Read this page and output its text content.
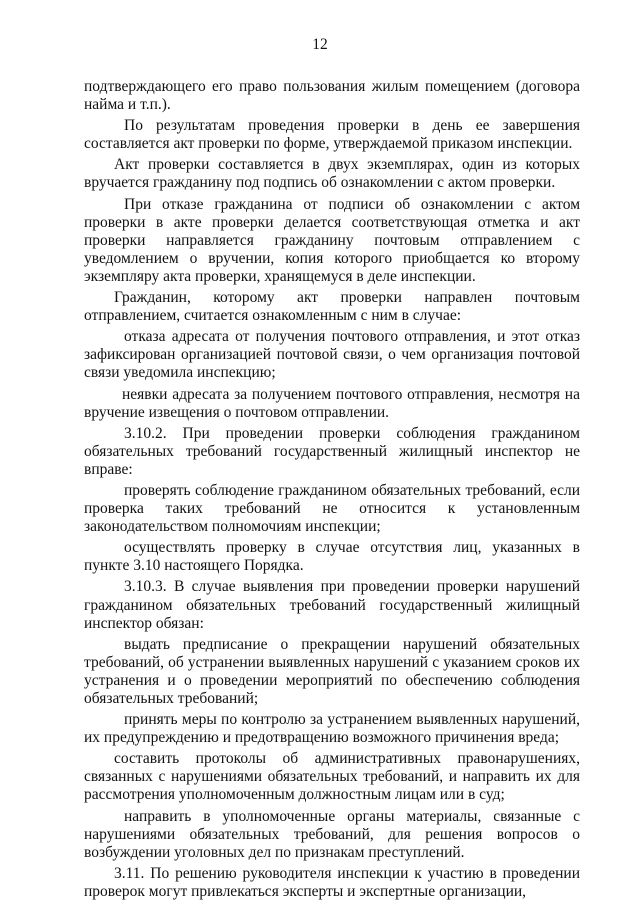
12

подтверждающего его право пользования жилым помещением (договора найма и т.п.).

По результатам проведения проверки в день ее завершения составляется акт проверки по форме, утверждаемой приказом инспекции.

Акт проверки составляется в двух экземплярах, один из которых вручается гражданину под подпись об ознакомлении с актом проверки.

При отказе гражданина от подписи об ознакомлении с актом проверки в акте проверки делается соответствующая отметка и акт проверки направляется гражданину почтовым отправлением с уведомлением о вручении, копия которого приобщается ко второму экземпляру акта проверки, хранящемуся в деле инспекции.

Гражданин, которому акт проверки направлен почтовым отправлением, считается ознакомленным с ним в случае:

отказа адресата от получения почтового отправления, и этот отказ зафиксирован организацией почтовой связи, о чем организация почтовой связи уведомила инспекцию;

неявки адресата за получением почтового отправления, несмотря на вручение извещения о почтовом отправлении.

3.10.2. При проведении проверки соблюдения гражданином обязательных требований государственный жилищный инспектор не вправе:

проверять соблюдение гражданином обязательных требований, если проверка таких требований не относится к установленным законодательством полномочиям инспекции;

осуществлять проверку в случае отсутствия лиц, указанных в пункте 3.10 настоящего Порядка.

3.10.3. В случае выявления при проведении проверки нарушений гражданином обязательных требований государственный жилищный инспектор обязан:

выдать предписание о прекращении нарушений обязательных требований, об устранении выявленных нарушений с указанием сроков их устранения и о проведении мероприятий по обеспечению соблюдения обязательных требований;

принять меры по контролю за устранением выявленных нарушений, их предупреждению и предотвращению возможного причинения вреда;

составить протоколы об административных правонарушениях, связанных с нарушениями обязательных требований, и направить их для рассмотрения уполномоченным должностным лицам или в суд;

направить в уполномоченные органы материалы, связанные с нарушениями обязательных требований, для решения вопросов о возбуждении уголовных дел по признакам преступлений.

3.11. По решению руководителя инспекции к участию в проведении проверок могут привлекаться эксперты и экспертные организации,
